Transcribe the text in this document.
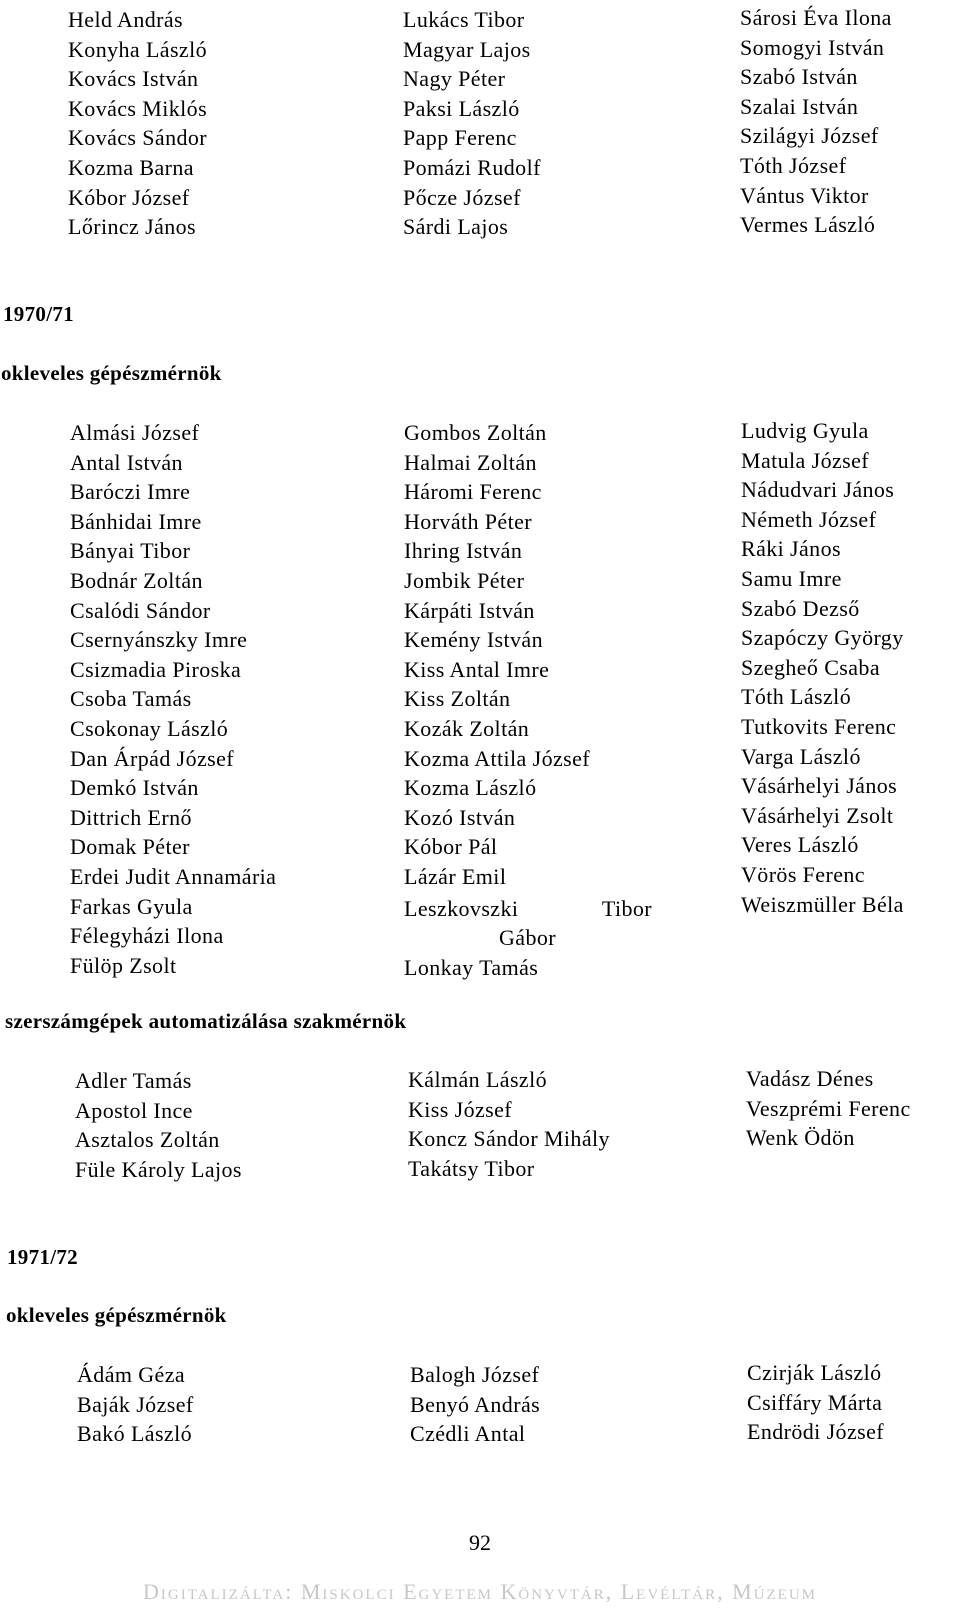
Held András
Konyha László
Kovács István
Kovács Miklós
Kovács Sándor
Kozma Barna
Kóbor József
Lőrincz János
Lukács Tibor
Magyar Lajos
Nagy Péter
Paksi László
Papp Ferenc
Pomázi Rudolf
Pőcze József
Sárdi Lajos
Sárosi Éva Ilona
Somogyi István
Szabó István
Szalai István
Szilágyi József
Tóth József
Vántus Viktor
Vermes László
1970/71
okleveles gépészmérnök
Almási József
Antal István
Baróczi Imre
Bánhidai Imre
Bányai Tibor
Bodnár Zoltán
Csalódi Sándor
Csernyánszky Imre
Csizmadia Piroska
Csoba Tamás
Csokonay László
Dan Árpád József
Demkó István
Dittrich Ernő
Domak Péter
Erdei Judit Annamária
Farkas Gyula
Félegyházi Ilona
Fülöp Zsolt
Gombos Zoltán
Halmai Zoltán
Háromi Ferenc
Horváth Péter
Ihring István
Jombik Péter
Kárpáti István
Kemény István
Kiss Antal Imre
Kiss Zoltán
Kozák Zoltán
Kozma Attila József
Kozma László
Kozó István
Kóbor Pál
Lázár Emil
Leszkovszki	Tibor
Gábor
Lonkay Tamás
Ludvig Gyula
Matula József
Nádudvari János
Németh József
Ráki János
Samu Imre
Szabó Dezső
Szapóczy György
Szegheő Csaba
Tóth László
Tutkovits Ferenc
Varga László
Vásárhelyi János
Vásárhelyi Zsolt
Veres László
Vörös Ferenc
Weiszmüller Béla
szerszámgépek automatizálása szakmérnök
Adler Tamás
Apostol Ince
Asztalos Zoltán
Füle Károly Lajos
Kálmán László
Kiss József
Koncz Sándor Mihály
Takátsy Tibor
Vadász Dénes
Veszprémi Ferenc
Wenk Ödön
1971/72
okleveles gépészmérnök
Ádám Géza
Baják József
Bakó László
Balogh József
Benyó András
Czédli Antal
Czirják László
Csiffáry Márta
Endrödi József
92
Digitalizálta: Miskolci Egyetem Könyvtár, Levéltár, Múzeum
